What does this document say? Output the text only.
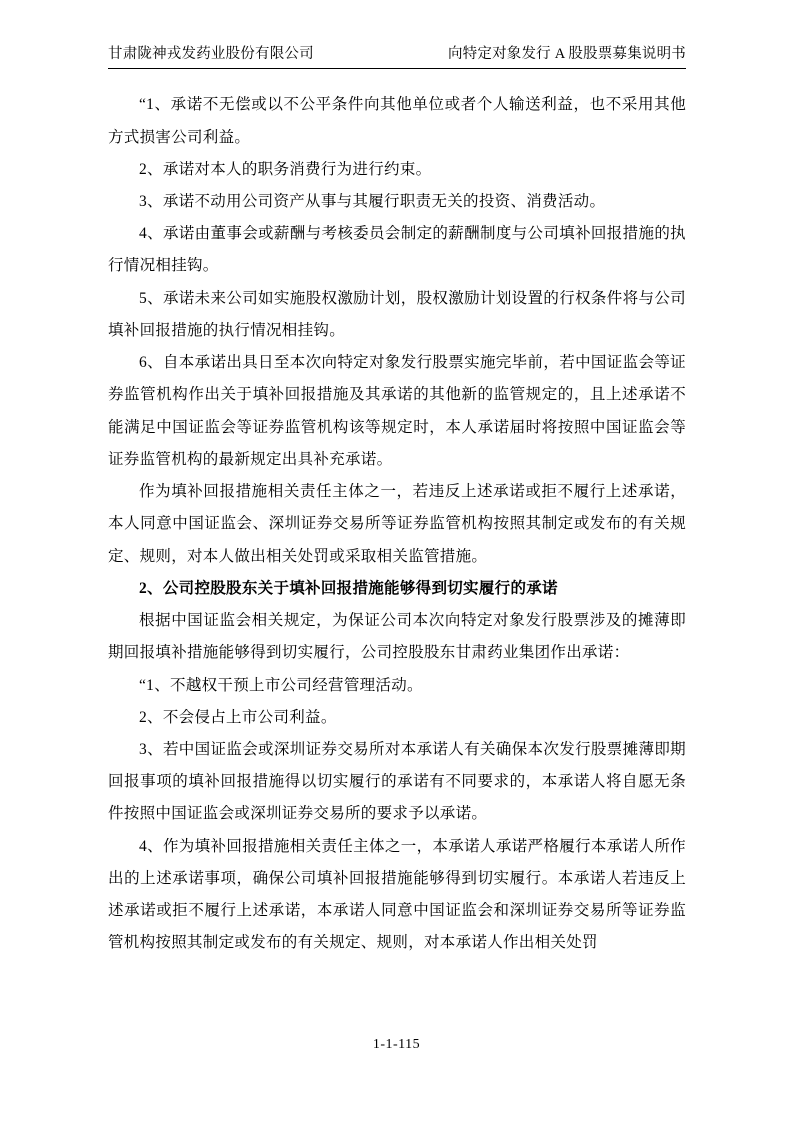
甘肃陇神戎发药业股份有限公司	向特定对象发行 A 股股票募集说明书

“1、承诺不无偿或以不公平条件向其他单位或者个人输送利益，也不采用其他方式损害公司利益。

2、承诺对本人的职务消费行为进行约束。

3、承诺不动用公司资产从事与其履行职责无关的投资、消费活动。

4、承诺由董事会或薪酬与考核委员会制定的薪酬制度与公司填补回报措施的执行情况相挂钩。

5、承诺未来公司如实施股权激励计划，股权激励计划设置的行权条件将与公司填补回报措施的执行情况相挂钩。

6、自本承诺出具日至本次向特定对象发行股票实施完毕前，若中国证监会等证券监管机构作出关于填补回报措施及其承诺的其他新的监管规定的，且上述承诺不能满足中国证监会等证券监管机构该等规定时，本人承诺届时将按照中国证监会等证券监管机构的最新规定出具补充承诺。

作为填补回报措施相关责任主体之一，若违反上述承诺或拒不履行上述承诺，本人同意中国证监会、深圳证券交易所等证券监管机构按照其制定或发布的有关规定、规则，对本人做出相关处罚或采取相关监管措施。

2、公司控股股东关于填补回报措施能够得到切实履行的承诺

根据中国证监会相关规定，为保证公司本次向特定对象发行股票涉及的摊薄即期回报填补措施能够得到切实履行，公司控股股东甘肃药业集团作出承诺：

“1、不越权干预上市公司经营管理活动。

2、不会侵占上市公司利益。

3、若中国证监会或深圳证券交易所对本承诺人有关确保本次发行股票摊薄即期回报事项的填补回报措施得以切实履行的承诺有不同要求的，本承诺人将自愿无条件按照中国证监会或深圳证券交易所的要求予以承诺。

4、作为填补回报措施相关责任主体之一，本承诺人承诺严格履行本承诺人所作出的上述承诺事项，确保公司填补回报措施能够得到切实履行。本承诺人若违反上述承诺或拒不履行上述承诺，本承诺人同意中国证监会和深圳证券交易所等证券监管机构按照其制定或发布的有关规定、规则，对本承诺人作出相关处罚

1-1-115
